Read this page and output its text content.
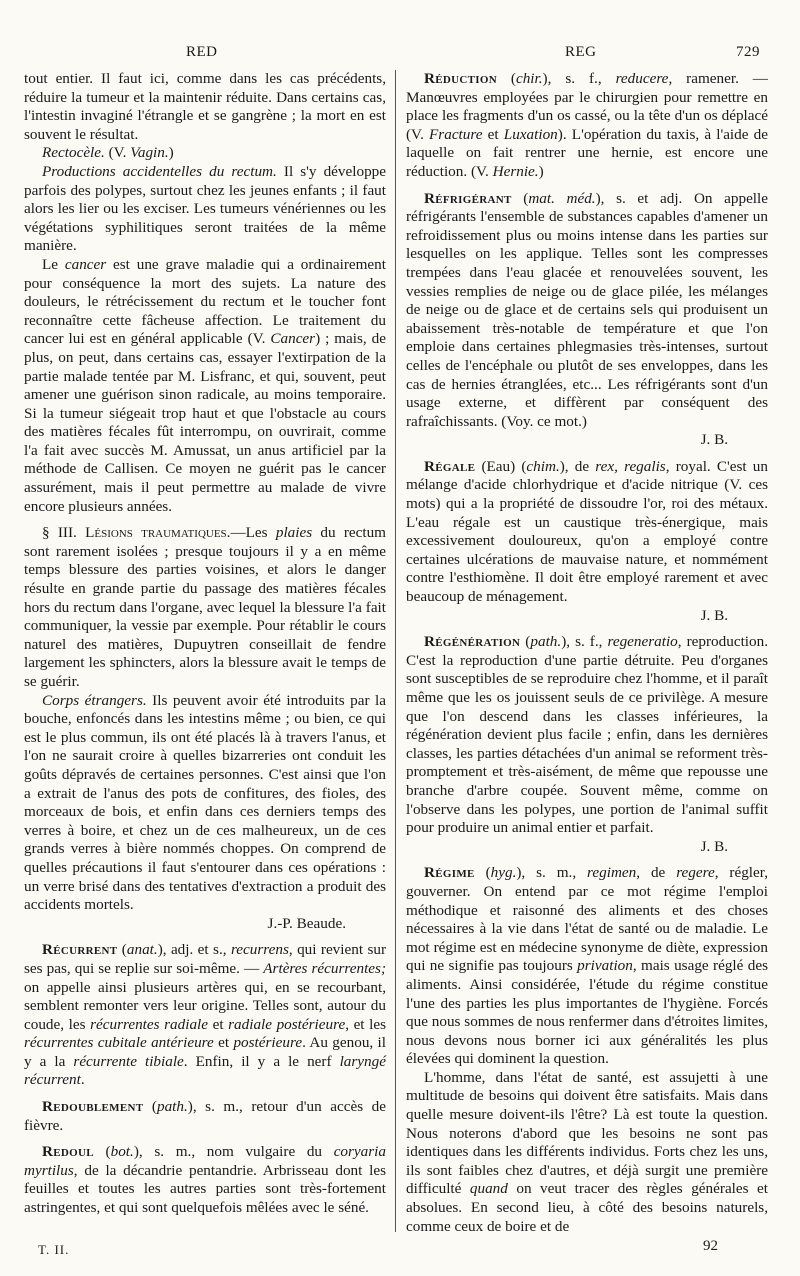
RED	REG	729

tout entier. Il faut ici, comme dans les cas précédents, réduire la tumeur et la maintenir réduite. Dans certains cas, l'intestin invaginé l'étrangle et se gangrène ; la mort en est souvent le résultat.

Rectocèle. (V. Vagin.)

Productions accidentelles du rectum. Il s'y développe parfois des polypes, surtout chez les jeunes enfants ; il faut alors les lier ou les exciser. Les tumeurs vénériennes ou les végétations syphilitiques seront traitées de la même manière.

Le cancer est une grave maladie qui a ordinairement pour conséquence la mort des sujets. La nature des douleurs, le rétrécissement du rectum et le toucher font reconnaître cette fâcheuse affection. Le traitement du cancer lui est en général applicable (V. Cancer) ; mais, de plus, on peut, dans certains cas, essayer l'extirpation de la partie malade tentée par M. Lisfranc, et qui, souvent, peut amener une guérison sinon radicale, au moins temporaire. Si la tumeur siégeait trop haut et que l'obstacle au cours des matières fécales fût interrompu, on ouvrirait, comme l'a fait avec succès M. Amussat, un anus artificiel par la méthode de Callisen. Ce moyen ne guérit pas le cancer assurément, mais il peut permettre au malade de vivre encore plusieurs années.

§ III. Lésions traumatiques.—Les plaies du rectum sont rarement isolées ; presque toujours il y a en même temps blessure des parties voisines, et alors le danger résulte en grande partie du passage des matières fécales hors du rectum dans l'organe, avec lequel la blessure l'a fait communiquer, la vessie par exemple. Pour rétablir le cours naturel des matières, Dupuytren conseillait de fendre largement les sphincters, alors la blessure avait le temps de se guérir.

Corps étrangers. Ils peuvent avoir été introduits par la bouche, enfoncés dans les intestins même ; ou bien, ce qui est le plus commun, ils ont été placés là à travers l'anus, et l'on ne saurait croire à quelles bizarreries ont conduit les goûts dépravés de certaines personnes. C'est ainsi que l'on a extrait de l'anus des pots de confitures, des fioles, des morceaux de bois, et enfin dans ces derniers temps des verres à boire, et chez un de ces malheureux, un de ces grands verres à bière nommés choppes. On comprend de quelles précautions il faut s'entourer dans ces opérations : un verre brisé dans des tentatives d'extraction a produit des accidents mortels.

J.-P. Beaude.

Récurrent (anat.), adj. et s., recurrens, qui revient sur ses pas, qui se replie sur soi-même. — Artères récurrentes; on appelle ainsi plusieurs artères qui, en se recourbant, semblent remonter vers leur origine. Telles sont, autour du coude, les récurrentes radiale et radiale postérieure, et les récurrentes cubitale antérieure et postérieure. Au genou, il y a la récurrente tibiale. Enfin, il y a le nerf laryngé récurrent.

Redoublement (path.), s. m., retour d'un accès de fièvre.

Redoul (bot.), s. m., nom vulgaire du coryaria myrtilus, de la décandrie pentandrie. Arbrisseau dont les feuilles et toutes les autres parties sont très-fortement astringentes, et qui sont quelquefois mêlées avec le séné.

Réduction (chir.), s. f., reducere, ramener. — Manœuvres employées par le chirurgien pour remettre en place les fragments d'un os cassé, ou la tête d'un os déplacé (V. Fracture et Luxation). L'opération du taxis, à l'aide de laquelle on fait rentrer une hernie, est encore une réduction. (V. Hernie.)

Réfrigérant (mat. méd.), s. et adj. On appelle réfrigérants l'ensemble de substances capables d'amener un refroidissement plus ou moins intense dans les parties sur lesquelles on les applique. Telles sont les compresses trempées dans l'eau glacée et renouvelées souvent, les vessies remplies de neige ou de glace pilée, les mélanges de neige ou de glace et de certains sels qui produisent un abaissement très-notable de température et que l'on emploie dans certaines phlegmasies très-intenses, surtout celles de l'encéphale ou plutôt de ses enveloppes, dans les cas de hernies étranglées, etc... Les réfrigérants sont d'un usage externe, et diffèrent par conséquent des rafraîchissants. (Voy. ce mot.)

J. B.

Régale (Eau) (chim.), de rex, regalis, royal. C'est un mélange d'acide chlorhydrique et d'acide nitrique (V. ces mots) qui a la propriété de dissoudre l'or, roi des métaux. L'eau régale est un caustique très-énergique, mais excessivement douloureux, qu'on a employé contre certaines ulcérations de mauvaise nature, et nommément contre l'esthiomène. Il doit être employé rarement et avec beaucoup de ménagement.

J. B.

Régénération (path.), s. f., regeneratio, reproduction. C'est la reproduction d'une partie détruite. Peu d'organes sont susceptibles de se reproduire chez l'homme, et il paraît même que les os jouissent seuls de ce privilège. A mesure que l'on descend dans les classes inférieures, la régénération devient plus facile ; enfin, dans les dernières classes, les parties détachées d'un animal se reforment très-promptement et très-aisément, de même que repousse une branche d'arbre coupée. Souvent même, comme on l'observe dans les polypes, une portion de l'animal suffit pour produire un animal entier et parfait.

J. B.

Régime (hyg.), s. m., regimen, de regere, régler, gouverner. On entend par ce mot régime l'emploi méthodique et raisonné des aliments et des choses nécessaires à la vie dans l'état de santé ou de maladie. Le mot régime est en médecine synonyme de diète, expression qui ne signifie pas toujours privation, mais usage réglé des aliments. Ainsi considérée, l'étude du régime constitue l'une des parties les plus importantes de l'hygiène. Forcés que nous sommes de nous renfermer dans d'étroites limites, nous devons nous borner ici aux généralités les plus élevées qui dominent la question.

L'homme, dans l'état de santé, est assujetti à une multitude de besoins qui doivent être satisfaits. Mais dans quelle mesure doivent-ils l'être? Là est toute la question. Nous noterons d'abord que les besoins ne sont pas identiques dans les différents individus. Forts chez les uns, ils sont faibles chez d'autres, et déjà surgit une première difficulté quand on veut tracer des règles générales et absolues. En second lieu, à côté des besoins naturels, comme ceux de boire et de

T. II.	92
